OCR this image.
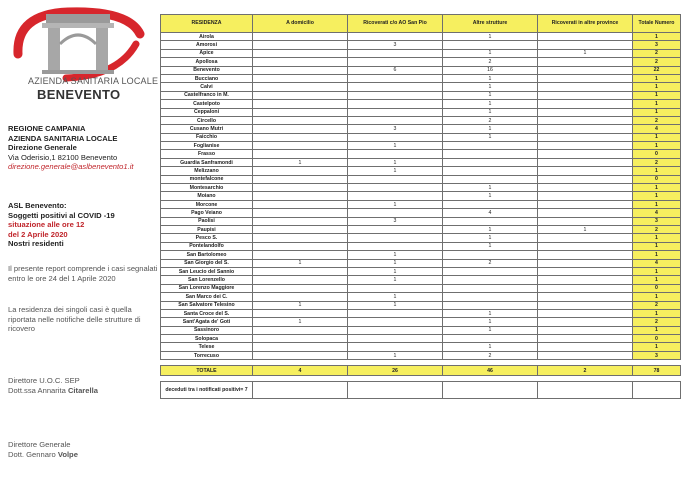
AZIENDA SANITARIA LOCALE
BENEVENTO
REGIONE CAMPANIA
AZIENDA SANITARIA LOCALE
Direzione Generale
Via Oderisio,1 82100 Benevento
direzione.generale@aslbenevento1.it
ASL Benevento:
Soggetti positivi al COVID -19
situazione alle ore 12
del 2 Aprile 2020
Nostri residenti
Il presente report comprende i casi segnalati entro le ore 24 del 1 Aprile 2020
La residenza dei singoli casi è quella riportata nelle notifiche delle strutture di ricovero
Direttore U.O.C. SEP
Dott.ssa Annarita Citarella
Direttore Generale
Dott. Gennaro Volpe
RESIDENZA	A domicilio	Ricoverati c/o AO San Pio	Altre strutture	Ricoverati in altre province	Totale Numero
Airola			1		1
Amorosi		3			3
Apice			1	1	2
Apollosa			2		2
Benevento		6	16		22
Bucciano			1		1
Calvi			1		1
Castelfranco in M.			1		1
Castelpoto			1		1
Ceppaloni			1		1
Circello			2		2
Cusano Mutri		3	1		4
Faicchio			1		1
Foglianise		1			1
Frasso					0
Guardia Sanframondi	1	1			2
Melizzano		1			1
montefalcone					0
Montesarchio			1		1
Moiano			1		1
Morcone		1			1
Pago Veiano			4		4
Paolisi		3			3
Paupisi			1	1	2
Pesco S.			1		1
Pontelandolfo			1		1
San Bartolomeo		1			1
San Giorgio del S.	1	1	2		4
San Leucio del Sannio		1			1
San Lorenzello		1			1
San Lorenzo Maggiore					0
San Marco dei C.		1			1
San Salvatore Telesino	1	1			2
Santa Croce del S.			1		1
Sant'Agata de' Goti	1		1		2
Sassinoro			1		1
Solopaca					0
Telese			1		1
Torrecuso		1	2		3

TOTALE	4	26	46	2	78

deceduti tra i notificati positivi= 7					
